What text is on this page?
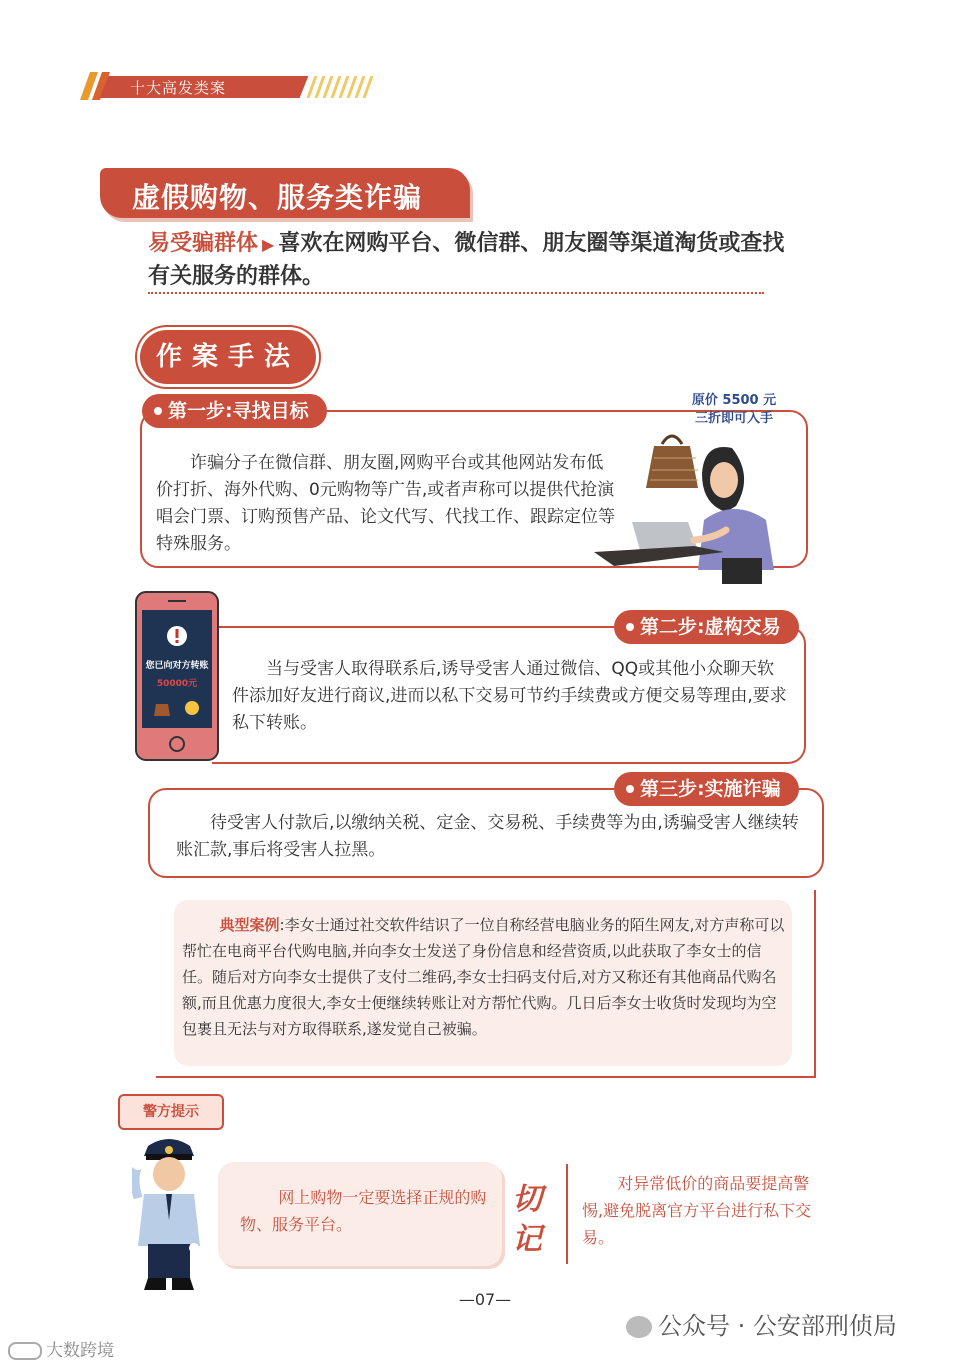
十大高发类案
虚假购物、服务类诈骗
易受骗群体 ▶ 喜欢在网购平台、微信群、朋友圈等渠道淘货或查找有关服务的群体。
作案手法
第一步:寻找目标
诈骗分子在微信群、朋友圈,网购平台或其他网站发布低价打折、海外代购、0元购物等广告,或者声称可以提供代抢演唱会门票、订购预售产品、论文代写、代找工作、跟踪定位等特殊服务。
原价 5500 元
三折即可入手
第二步:虚构交易
当与受害人取得联系后,诱导受害人通过微信、QQ或其他小众聊天软件添加好友进行商议,进而以私下交易可节约手续费或方便交易等理由,要求私下转账。
您已向对方转账
50000元
第三步:实施诈骗
待受害人付款后,以缴纳关税、定金、交易税、手续费等为由,诱骗受害人继续转账汇款,事后将受害人拉黑。
典型案例:李女士通过社交软件结识了一位自称经营电脑业务的陌生网友,对方声称可以帮忙在电商平台代购电脑,并向李女士发送了身份信息和经营资质,以此获取了李女士的信任。随后对方向李女士提供了支付二维码,李女士扫码支付后,对方又称还有其他商品代购名额,而且优惠力度很大,李女士便继续转账让对方帮忙代购。几日后李女士收货时发现均为空包裹且无法与对方取得联系,遂发觉自己被骗。
警方提示
网上购物一定要选择正规的购物、服务平台。
切记
对异常低价的商品要提高警惕,避免脱离官方平台进行私下交易。
—07—
公众号 · 公安部刑侦局
大数跨境
